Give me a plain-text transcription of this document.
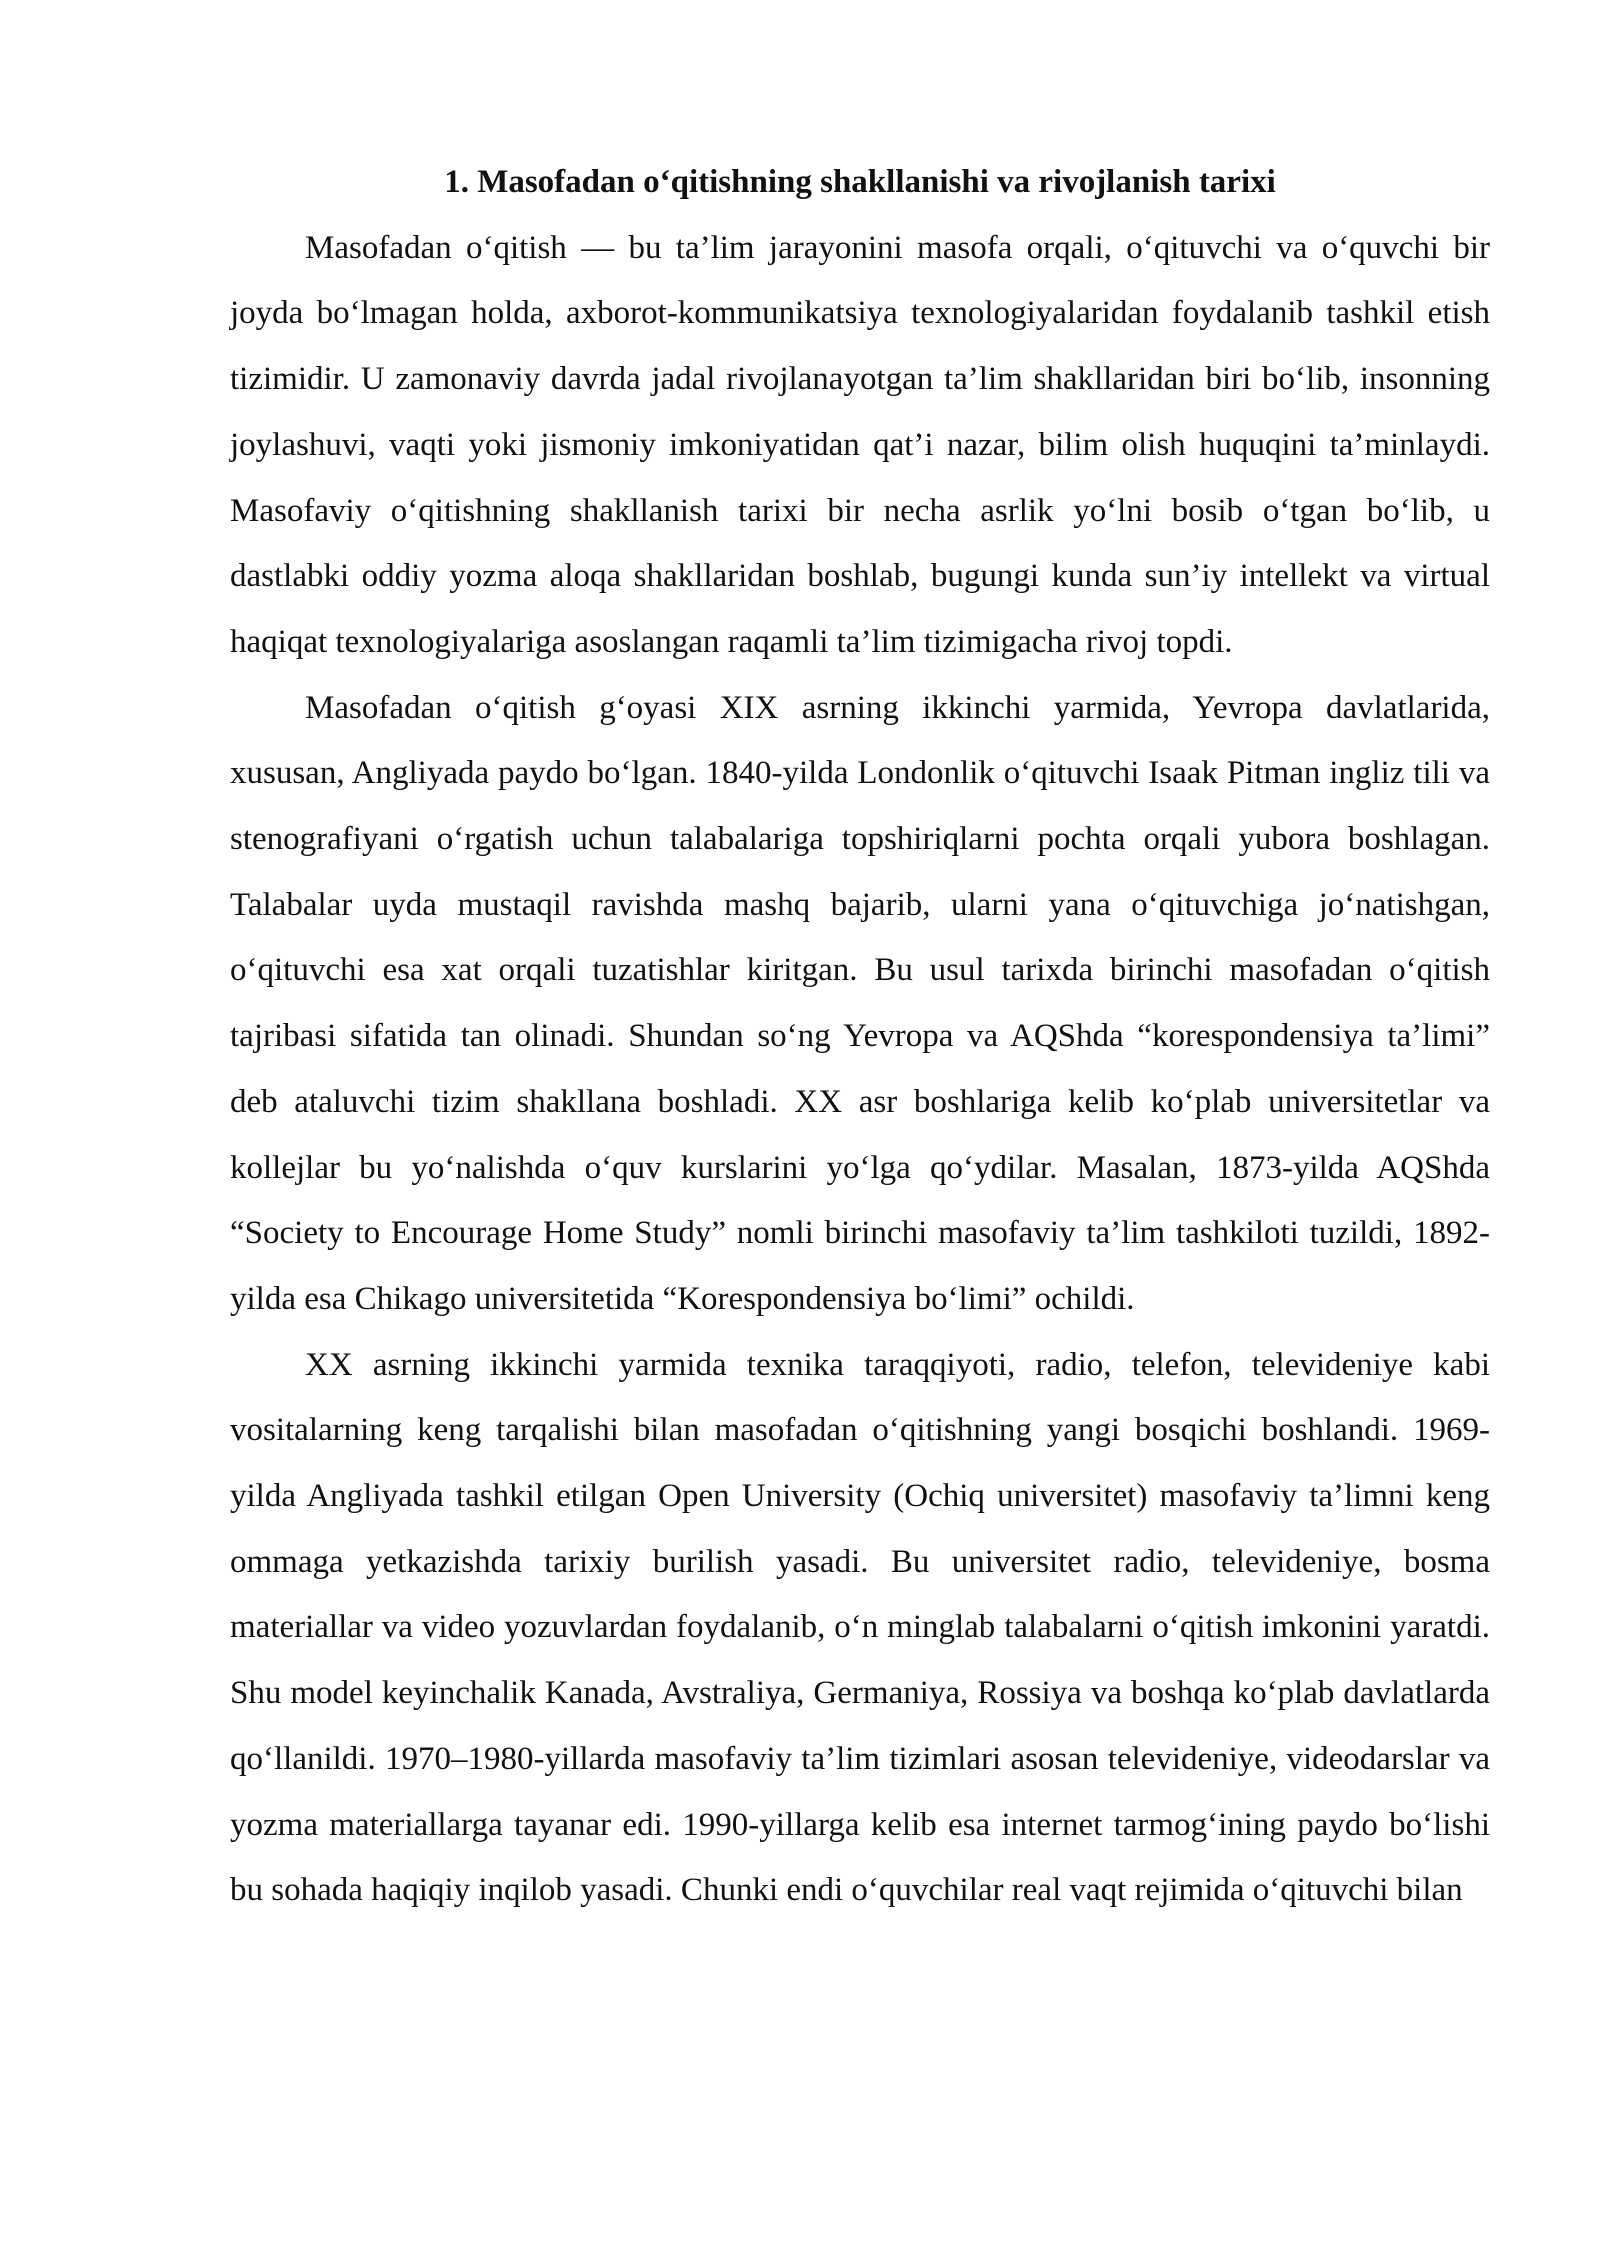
1. Masofadan o‘qitishning shakllanishi va rivojlanish tarixi

Masofadan o‘qitish — bu ta’lim jarayonini masofa orqali, o‘qituvchi va o‘quvchi bir joyda bo‘lmagan holda, axborot-kommunikatsiya texnologiyalaridan foydalanib tashkil etish tizimidir. U zamonaviy davrda jadal rivojlanayotgan ta’lim shakllaridan biri bo‘lib, insonning joylashuvi, vaqti yoki jismoniy imkoniyatidan qat’i nazar, bilim olish huquqini ta’minlaydi. Masofaviy o‘qitishning shakllanish tarixi bir necha asrlik yo‘lni bosib o‘tgan bo‘lib, u dastlabki oddiy yozma aloqa shakllaridan boshlab, bugungi kunda sun’iy intellekt va virtual haqiqat texnologiyalariga asoslangan raqamli ta’lim tizimigacha rivoj topdi.

Masofadan o‘qitish g‘oyasi XIX asrning ikkinchi yarmida, Yevropa davlatlarida, xususan, Angliyada paydo bo‘lgan. 1840-yilda Londonlik o‘qituvchi Isaak Pitman ingliz tili va stenografiyani o‘rgatish uchun talabalariga topshiriqlarni pochta orqali yubora boshlagan. Talabalar uyda mustaqil ravishda mashq bajarib, ularni yana o‘qituvchiga jo‘natishgan, o‘qituvchi esa xat orqali tuzatishlar kiritgan. Bu usul tarixda birinchi masofadan o‘qitish tajribasi sifatida tan olinadi. Shundan so‘ng Yevropa va AQShda “korespondensiya ta’limi” deb ataluvchi tizim shakllana boshladi. XX asr boshlariga kelib ko‘plab universitetlar va kollejlar bu yo‘nalishda o‘quv kurslarini yo‘lga qo‘ydilar. Masalan, 1873-yilda AQShda “Society to Encourage Home Study” nomli birinchi masofaviy ta’lim tashkiloti tuzildi, 1892-yilda esa Chikago universitetida “Korespondensiya bo‘limi” ochildi.

XX asrning ikkinchi yarmida texnika taraqqiyoti, radio, telefon, televideniye kabi vositalarning keng tarqalishi bilan masofadan o‘qitishning yangi bosqichi boshlandi. 1969-yilda Angliyada tashkil etilgan Open University (Ochiq universitet) masofaviy ta’limni keng ommaga yetkazishda tarixiy burilish yasadi. Bu universitet radio, televideniye, bosma materiallar va video yozuvlardan foydalanib, o‘n minglab talabalarni o‘qitish imkonini yaratdi. Shu model keyinchalik Kanada, Avstraliya, Germaniya, Rossiya va boshqa ko‘plab davlatlarda qo‘llanildi. 1970–1980-yillarda masofaviy ta’lim tizimlari asosan televideniye, videodarslar va yozma materiallarga tayanar edi. 1990-yillarga kelib esa internet tarmog‘ining paydo bo‘lishi bu sohada haqiqiy inqilob yasadi. Chunki endi o‘quvchilar real vaqt rejimida o‘qituvchi bilan
